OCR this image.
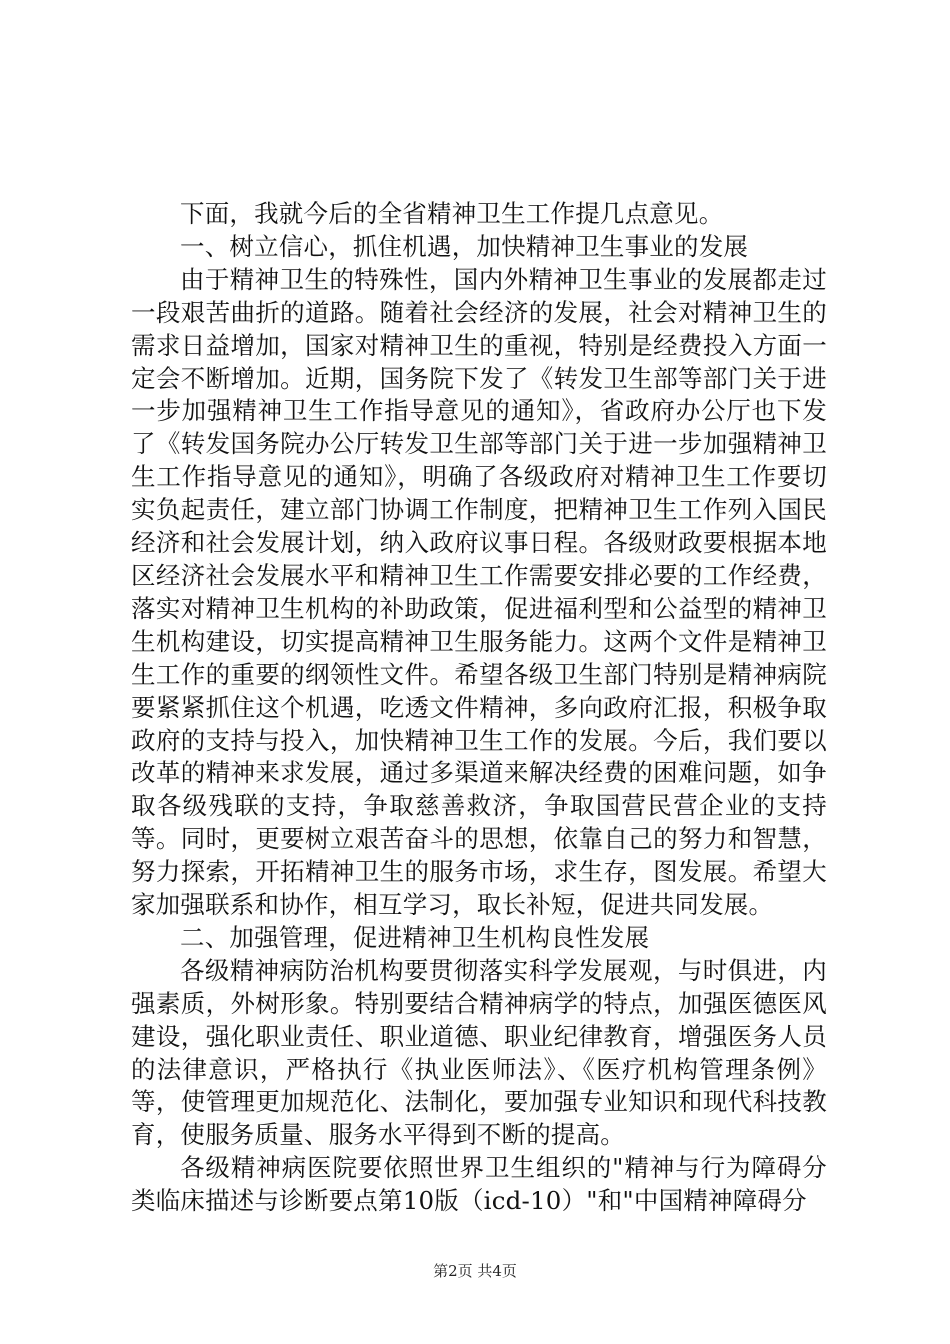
下面，我就今后的全省精神卫生工作提几点意见。

一、树立信心，抓住机遇，加快精神卫生事业的发展

由于精神卫生的特殊性，国内外精神卫生事业的发展都走过一段艰苦曲折的道路。随着社会经济的发展，社会对精神卫生的需求日益增加，国家对精神卫生的重视，特别是经费投入方面一定会不断增加。近期，国务院下发了《转发卫生部等部门关于进一步加强精神卫生工作指导意见的通知》，省政府办公厅也下发了《转发国务院办公厅转发卫生部等部门关于进一步加强精神卫生工作指导意见的通知》，明确了各级政府对精神卫生工作要切实负起责任，建立部门协调工作制度，把精神卫生工作列入国民经济和社会发展计划，纳入政府议事日程。各级财政要根据本地区经济社会发展水平和精神卫生工作需要安排必要的工作经费，落实对精神卫生机构的补助政策，促进福利型和公益型的精神卫生机构建设，切实提高精神卫生服务能力。这两个文件是精神卫生工作的重要的纲领性文件。希望各级卫生部门特别是精神病院要紧紧抓住这个机遇，吃透文件精神，多向政府汇报，积极争取政府的支持与投入，加快精神卫生工作的发展。今后，我们要以改革的精神来求发展，通过多渠道来解决经费的困难问题，如争取各级残联的支持，争取慈善救济，争取国营民营企业的支持等。同时，更要树立艰苦奋斗的思想，依靠自己的努力和智慧，努力探索，开拓精神卫生的服务市场，求生存，图发展。希望大家加强联系和协作，相互学习，取长补短，促进共同发展。

二、加强管理，促进精神卫生机构良性发展

各级精神病防治机构要贯彻落实科学发展观，与时俱进，内强素质，外树形象。特别要结合精神病学的特点，加强医德医风建设，强化职业责任、职业道德、职业纪律教育，增强医务人员的法律意识，严格执行《执业医师法》、《医疗机构管理条例》等，使管理更加规范化、法制化，要加强专业知识和现代科技教育，使服务质量、服务水平得到不断的提高。

各级精神病医院要依照世界卫生组织的"精神与行为障碍分类临床描述与诊断要点第10版（icd-10）"和"中国精神障碍分

第2页 共4页
